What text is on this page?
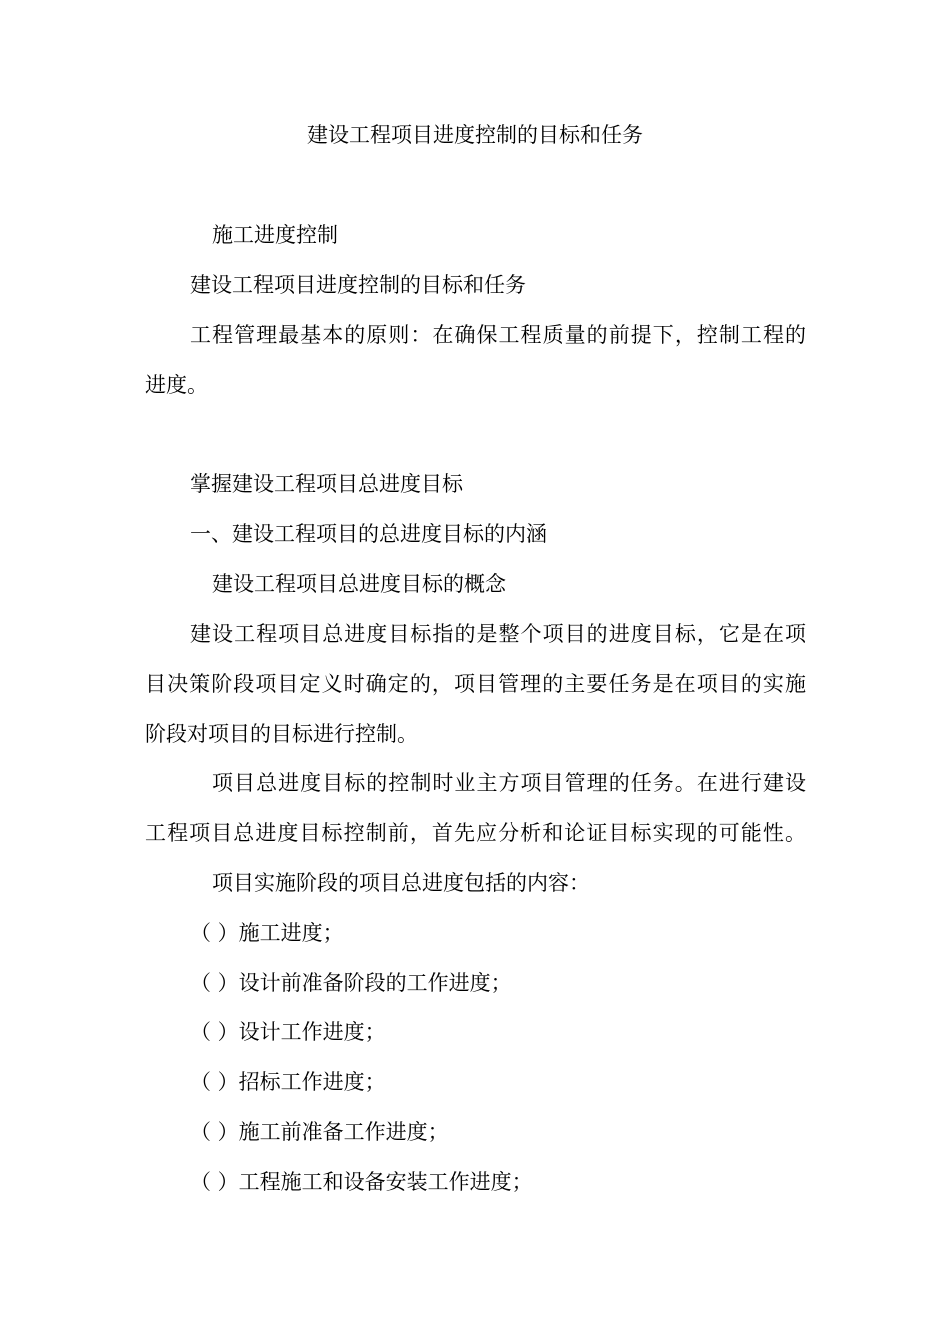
建设工程项目进度控制的目标和任务
施工进度控制
建设工程项目进度控制的目标和任务
工程管理最基本的原则：在确保工程质量的前提下，控制工程的
进度。
掌握建设工程项目总进度目标
一、建设工程项目的总进度目标的内涵
建设工程项目总进度目标的概念
建设工程项目总进度目标指的是整个项目的进度目标，它是在项
目决策阶段项目定义时确定的，项目管理的主要任务是在项目的实施
阶段对项目的目标进行控制。
项目总进度目标的控制时业主方项目管理的任务。在进行建设
工程项目总进度目标控制前，首先应分析和论证目标实现的可能性。
项目实施阶段的项目总进度包括的内容：
（ ）施工进度；
（ ）设计前准备阶段的工作进度；
（ ）设计工作进度；
（ ）招标工作进度；
（ ）施工前准备工作进度；
（ ）工程施工和设备安装工作进度；
